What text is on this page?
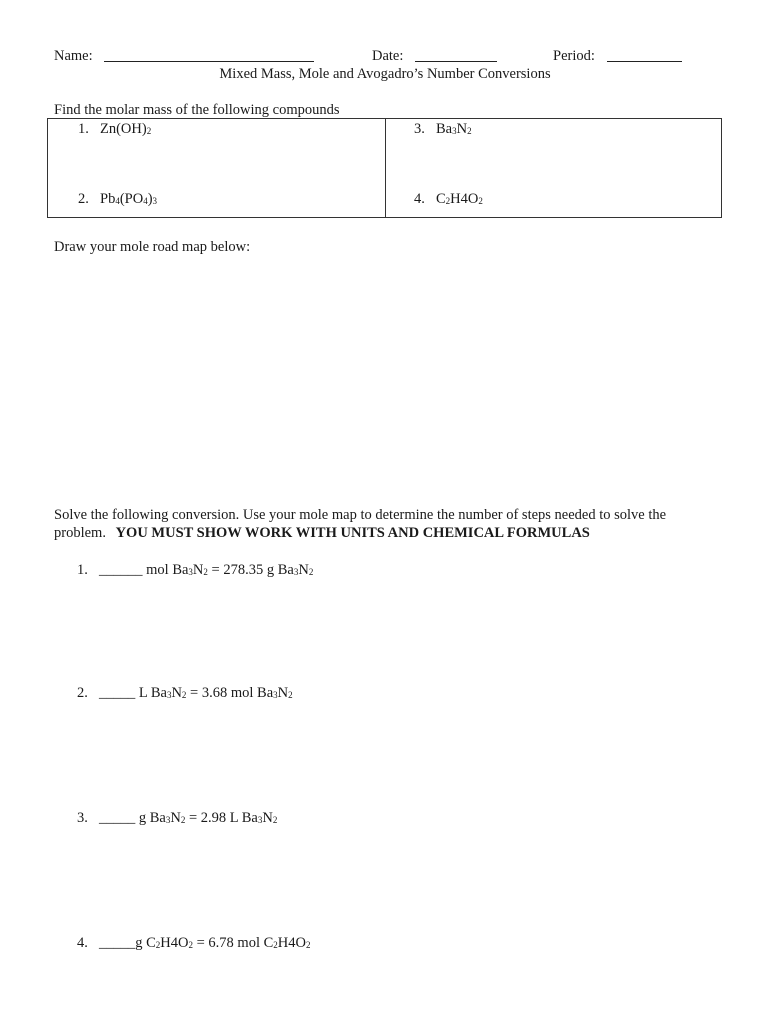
Name:	Date:	Period:
Mixed Mass, Mole and Avogadro’s Number Conversions
Find the molar mass of the following compounds
1. $Zn(OH)_2$
2. $Pb_4(PO_4)_3$
3. $Ba_3N_2$
4. $C_2H4O_2$
Draw your mole road map below:
Solve the following conversion. Use your mole map to determine the number of steps needed to solve the
problem. YOU MUST SHOW WORK WITH UNITS AND CHEMICAL FORMULAS
1. ______ mol $Ba_3N_2 = 278.35$ g $Ba_3N_2$
2. _____ L $Ba_3N_2 = 3.68$ mol $Ba_3N_2$
3. _____ g $Ba_3N_2 = 2.98$ L $Ba_3N_2$
4. _____g $C_2H4O_2 = 6.78$ mol $C_2H4O_2$
